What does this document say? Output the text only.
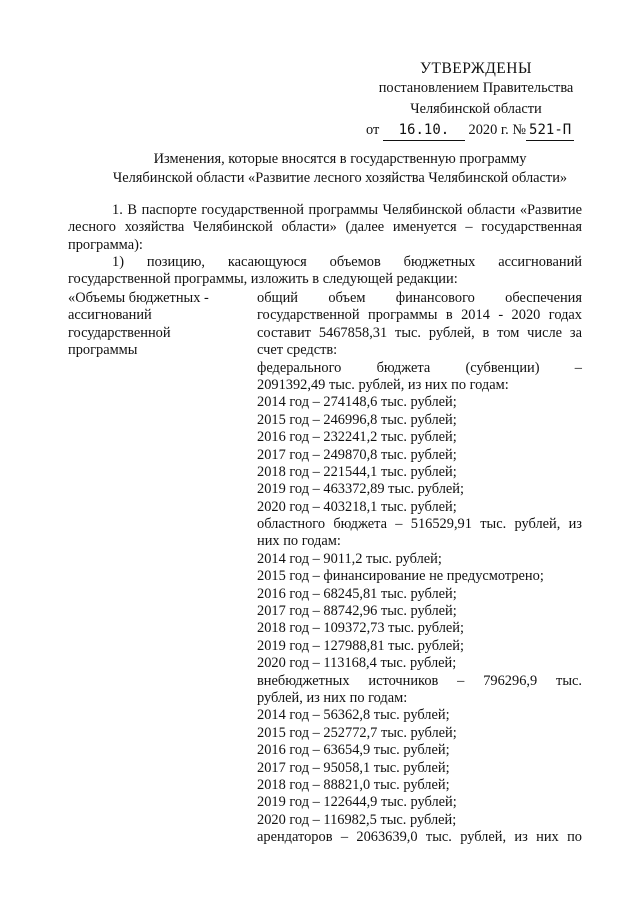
УТВЕРЖДЕНЫ
постановлением Правительства
Челябинской области
от 16.10. 2020 г. № 521-П
Изменения, которые вносятся в государственную программу
Челябинской области «Развитие лесного хозяйства Челябинской области»
1. В паспорте государственной программы Челябинской области «Развитие лесного хозяйства Челябинской области» (далее именуется – государственная программа):
1) позицию, касающуюся объемов бюджетных ассигнований государственной программы, изложить в следующей редакции:
«Объемы бюджетных - ассигнований государственной программы
общий объем финансового обеспечения
государственной программы в 2014 - 2020 годах
составит 5467858,31 тыс. рублей, в том числе за
счет средств:
федерального бюджета (субвенции) –
2091392,49 тыс. рублей, из них по годам:
2014 год – 274148,6 тыс. рублей;
2015 год – 246996,8 тыс. рублей;
2016 год – 232241,2 тыс. рублей;
2017 год – 249870,8 тыс. рублей;
2018 год – 221544,1 тыс. рублей;
2019 год – 463372,89 тыс. рублей;
2020 год – 403218,1 тыс. рублей;
областного бюджета – 516529,91 тыс. рублей, из
них по годам:
2014 год – 9011,2 тыс. рублей;
2015 год – финансирование не предусмотрено;
2016 год – 68245,81 тыс. рублей;
2017 год – 88742,96 тыс. рублей;
2018 год – 109372,73 тыс. рублей;
2019 год – 127988,81 тыс. рублей;
2020 год – 113168,4 тыс. рублей;
внебюджетных источников – 796296,9 тыс.
рублей, из них по годам:
2014 год – 56362,8 тыс. рублей;
2015 год – 252772,7 тыс. рублей;
2016 год – 63654,9 тыс. рублей;
2017 год – 95058,1 тыс. рублей;
2018 год – 88821,0 тыс. рублей;
2019 год – 122644,9 тыс. рублей;
2020 год – 116982,5 тыс. рублей;
арендаторов – 2063639,0 тыс. рублей, из них по
